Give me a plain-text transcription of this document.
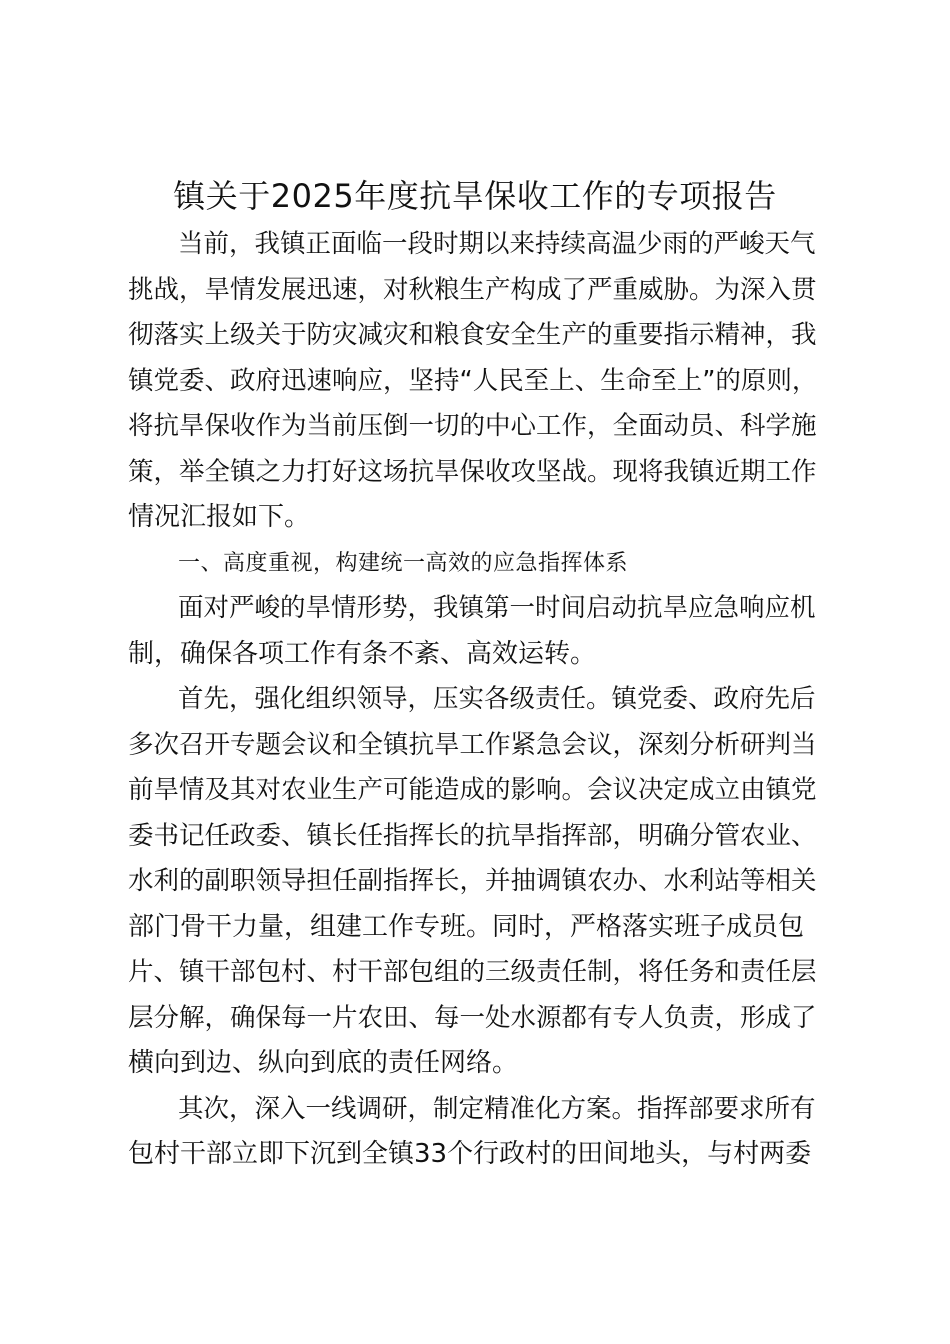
镇关于2025年度抗旱保收工作的专项报告
当前，我镇正面临一段时期以来持续高温少雨的严峻天气
挑战，旱情发展迅速，对秋粮生产构成了严重威胁。为深入贯
彻落实上级关于防灾减灾和粮食安全生产的重要指示精神，我
镇党委、政府迅速响应，坚持“人民至上、生命至上”的原则，
将抗旱保收作为当前压倒一切的中心工作，全面动员、科学施
策，举全镇之力打好这场抗旱保收攻坚战。现将我镇近期工作
情况汇报如下。
一、高度重视，构建统一高效的应急指挥体系
面对严峻的旱情形势，我镇第一时间启动抗旱应急响应机
制，确保各项工作有条不紊、高效运转。
首先，强化组织领导，压实各级责任。镇党委、政府先后
多次召开专题会议和全镇抗旱工作紧急会议，深刻分析研判当
前旱情及其对农业生产可能造成的影响。会议决定成立由镇党
委书记任政委、镇长任指挥长的抗旱指挥部，明确分管农业、
水利的副职领导担任副指挥长，并抽调镇农办、水利站等相关
部门骨干力量，组建工作专班。同时，严格落实班子成员包
片、镇干部包村、村干部包组的三级责任制，将任务和责任层
层分解，确保每一片农田、每一处水源都有专人负责，形成了
横向到边、纵向到底的责任网络。
其次，深入一线调研，制定精准化方案。指挥部要求所有
包村干部立即下沉到全镇33个行政村的田间地头，与村两委
